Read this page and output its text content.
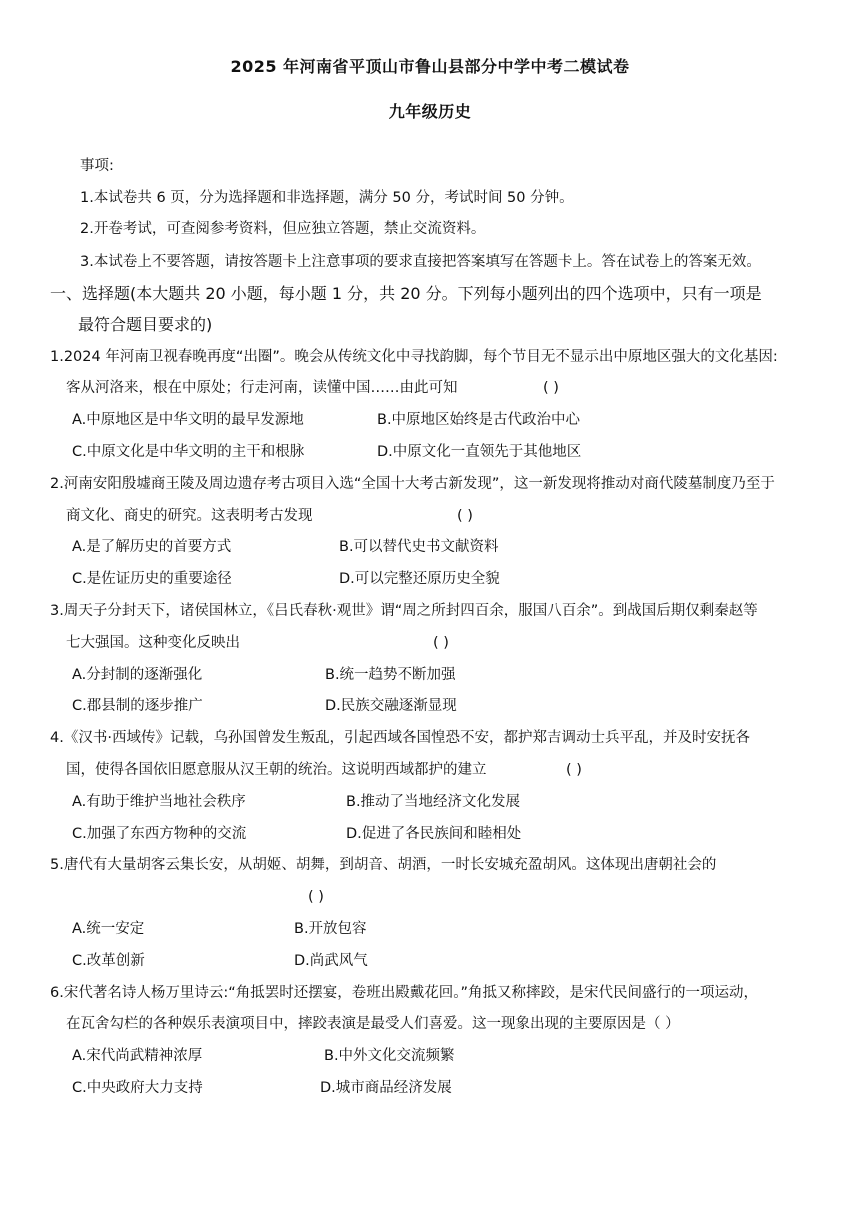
2025 年河南省平顶山市鲁山县部分中学中考二模试卷
九年级历史
事项:
1.本试卷共 6 页，分为选择题和非选择题，满分 50 分，考试时间 50 分钟。
2.开卷考试，可查阅参考资料，但应独立答题，禁止交流资料。
3.本试卷上不要答题，请按答题卡上注意事项的要求直接把答案填写在答题卡上。答在试卷上的答案无效。
一、选择题(本大题共 20 小题，每小题 1 分，共 20 分。下列每小题列出的四个选项中，只有一项是
最符合题目要求的)
1.2024 年河南卫视春晚再度“出圈”。晚会从传统文化中寻找韵脚，每个节目无不显示出中原地区强大的文化基因:
客从河洛来，根在中原处；行走河南，读懂中国……由此可知	( )
A.中原地区是中华文明的最早发源地	B.中原地区始终是古代政治中心
C.中原文化是中华文明的主干和根脉	D.中原文化一直领先于其他地区
2.河南安阳殷墟商王陵及周边遗存考古项目入选“全国十大考古新发现”，这一新发现将推动对商代陵墓制度乃至于
商文化、商史的研究。这表明考古发现	( )
A.是了解历史的首要方式	B.可以替代史书文献资料
C.是佐证历史的重要途径	D.可以完整还原历史全貌
3.周天子分封天下，诸侯国林立，《吕氏春秋·观世》谓“周之所封四百余，服国八百余”。到战国后期仅剩秦赵等
七大强国。这种变化反映出	( )
A.分封制的逐渐强化	B.统一趋势不断加强
C.郡县制的逐步推广	D.民族交融逐渐显现
4.《汉书·西域传》记载，乌孙国曾发生叛乱，引起西域各国惶恐不安，都护郑吉调动士兵平乱，并及时安抚各
国，使得各国依旧愿意服从汉王朝的统治。这说明西域都护的建立	( )
A.有助于维护当地社会秩序	B.推动了当地经济文化发展
C.加强了东西方物种的交流	D.促进了各民族间和睦相处
5.唐代有大量胡客云集长安，从胡姬、胡舞，到胡音、胡酒，一时长安城充盈胡风。这体现出唐朝社会的
( )
A.统一安定	B.开放包容
C.改革创新	D.尚武风气
6.宋代著名诗人杨万里诗云:“角抵罢时还摆宴，卷班出殿戴花回。”角抵又称摔跤，是宋代民间盛行的一项运动，
在瓦舍勾栏的各种娱乐表演项目中，摔跤表演是最受人们喜爱。这一现象出现的主要原因是（ ）
A.宋代尚武精神浓厚	B.中外文化交流频繁
C.中央政府大力支持	D.城市商品经济发展
